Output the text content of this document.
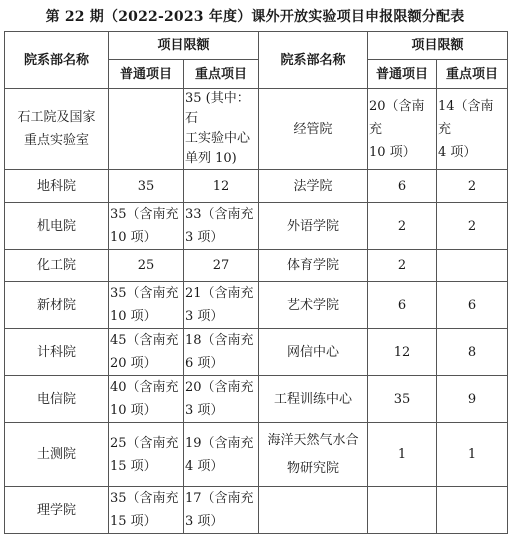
第 22 期（2022-2023 年度）课外开放实验项目申报限额分配表
院系部名称	项目限额		院系部名称	项目限额	
	普通项目	重点项目		普通项目	重点项目
石工院及国家
重点实验室		35 (其中：石
工实验中心
单列 10)	经管院	20（含南充
10 项）	14（含南充
4 项）
地科院	35	12	法学院	6	2
机电院	35（含南充
10 项）	33（含南充
3 项）	外语学院	2	2
化工院	25	27	体育学院	2	
新材院	35（含南充
10 项）	21（含南充
3 项）	艺术学院	6	6
计科院	45（含南充
20 项）	18（含南充
6 项）	网信中心	12	8
电信院	40（含南充
10 项）	20（含南充
3 项）	工程训练中心	35	9
土测院	25（含南充
15 项）	19（含南充
4 项）	海洋天然气水合
物研究院	1	1
理学院	35（含南充
15 项）	17（含南充
3 项）			
